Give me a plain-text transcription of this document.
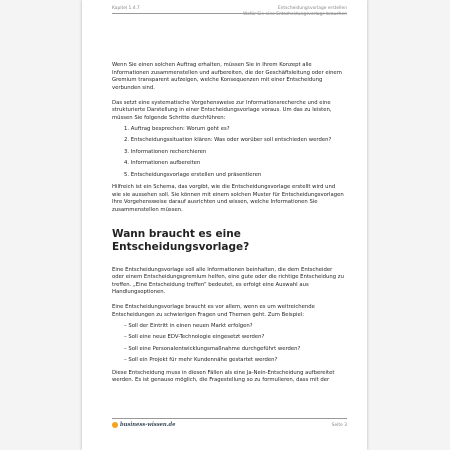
Kapitel 1.4.7	Entscheidungsvorlage erstellen
Wofür Sie eine Entscheidungsvorlage brauchen

Wenn Sie einen solchen Auftrag erhalten, müssen Sie in Ihrem Konzept alle Informationen zusammenstellen und aufbereiten, die der Geschäftsleitung oder einem Gremium transparent aufzeigen, welche Konsequenzen mit einer Entscheidung verbunden sind.

Das setzt eine systematische Vorgehensweise zur Informationsrecherche und eine strukturierte Darstellung in einer Entscheidungsvorlage voraus. Um das zu leisten, müssen Sie folgende Schritte durchführen:

1. Auftrag besprechen: Worum geht es?
2. Entscheidungssituation klären: Was oder worüber soll entschieden werden?
3. Informationen recherchieren
4. Informationen aufbereiten
5. Entscheidungsvorlage erstellen und präsentieren

Hilfreich ist ein Schema, das vorgibt, wie die Entscheidungsvorlage erstellt wird und wie sie aussehen soll. Sie können mit einem solchen Muster für Entscheidungsvorlagen Ihre Vorgehensweise darauf ausrichten und wissen, welche Informationen Sie zusammenstellen müssen.

Wann braucht es eine Entscheidungsvorlage?

Eine Entscheidungsvorlage soll alle Informationen beinhalten, die dem Entscheider oder einem Entscheidungsgremium helfen, eine gute oder die richtige Entscheidung zu treffen. „Eine Entscheidung treffen“ bedeutet, es erfolgt eine Auswahl aus Handlungsoptionen.

Eine Entscheidungsvorlage braucht es vor allem, wenn es um weitreichende Entscheidungen zu schwierigen Fragen und Themen geht. Zum Beispiel:

– Soll der Eintritt in einen neuen Markt erfolgen?
– Soll eine neue EDV-Technologie eingesetzt werden?
– Soll eine Personalentwicklungsmaßnahme durchgeführt werden?
– Soll ein Projekt für mehr Kundennähe gestartet werden?

Diese Entscheidung muss in diesen Fällen als eine Ja-Nein-Entscheidung aufbereitet werden. Es ist genauso möglich, die Fragestellung so zu formulieren, dass mit der

business-wissen.de	Seite 3
